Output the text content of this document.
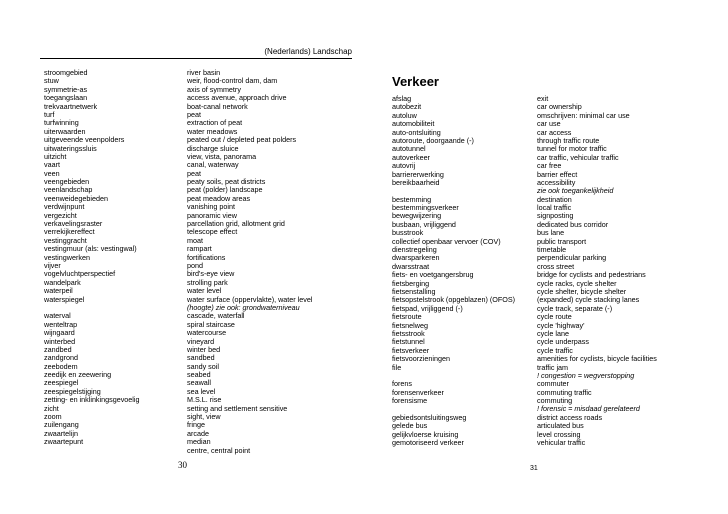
(Nederlands) Landschap
stroomgebied
stuw
symmetrie-as
toegangslaan
trekvaartnetwerk
turf
turfwinning
uiterwaarden
uitgeveende veenpolders
uitwateringssluis
uitzicht
vaart
veen
veengebieden
veenlandschap
veenweidegebieden
verdwijnpunt
vergezicht
verkavelingsraster
verrekijkereffect
vestinggracht
vestingmuur (als: vestingwal)
vestingwerken
vijver
vogelvluchtperspectief
wandelpark
waterpeil
waterspiegel
waterval
wenteltrap
wijngaard
winterbed
zandbed
zandgrond
zeebodem
zeedijk en zeewering
zeespiegel
zeespiegelstijging
zetting- en inklinkingsgevoelig
zicht
zoom
zuilengang
zwaartelijn
zwaartepunt
river basin
weir, flood-control dam, dam
axis of symmetry
access avenue, approach drive
boat-canal network
peat
extraction of peat
water meadows
peated out / depleted peat polders
discharge sluice
view, vista, panorama
canal, waterway
peat
peaty soils, peat districts
peat (polder) landscape
peat meadow areas
vanishing point
panoramic view
parcellation grid, allotment grid
telescope effect
moat
rampart
fortifications
pond
bird's-eye view
strolling park
water level
water surface (oppervlakte), water level
(hoogte) zie ook: grondwaterniveau
cascade, waterfall
spiral staircase
watercourse
vineyard
winter bed
sandbed
sandy soil
seabed
seawall
sea level
M.S.L. rise
setting and settlement sensitive
sight, view
fringe
arcade
median
centre, central point
Verkeer
afslag
autobezit
autoluw
automobiliteit
auto-ontsluiting
autoroute, doorgaande (-)
autotunnel
autoverkeer
autovrij
barriererwerking
bereikbaarheid
bestemming
bestemmingsverkeer
bewegwijzering
busbaan, vrijliggend
busstrook
collectief openbaar vervoer (COV)
dienstregeling
dwarsparkeren
dwarsstraat
fiets- en voetgangersbrug
fietsberging
fietsenstalling
fietsopstelstrook (opgeblazen) (OFOS)
fietspad, vrijliggend (-)
fietsroute
fietsnelweg
fietsstrook
fietstunnel
fietsverkeer
fietsvoorzieningen
file
forens
forensenverkeer
forensisme
gebiedsontsluitingsweg
gelede bus
gelijkvloerse kruising
gemotoriseerd verkeer
exit
car ownership
omschrijven: minimal car use
car use
car access
through traffic route
tunnel for motor traffic
car traffic, vehicular traffic
car free
barrier effect
accessibility
zie ook toegankelijkheid
destination
local traffic
signposting
dedicated bus corridor
bus lane
public transport
timetable
perpendicular parking
cross street
bridge for cyclists and pedestrians
cycle racks, cycle shelter
cycle shelter, bicycle shelter
(expanded) cycle stacking lanes
cycle track, separate (-)
cycle route
cycle 'highway'
cycle lane
cycle underpass
cycle traffic
amenities for cyclists, bicycle facilities
traffic jam
! congestion = wegverstopping
commuter
commuting traffic
commuting
! forensic = misdaad gerelateerd
district access roads
articulated bus
level crossing
vehicular traffic
30	31
